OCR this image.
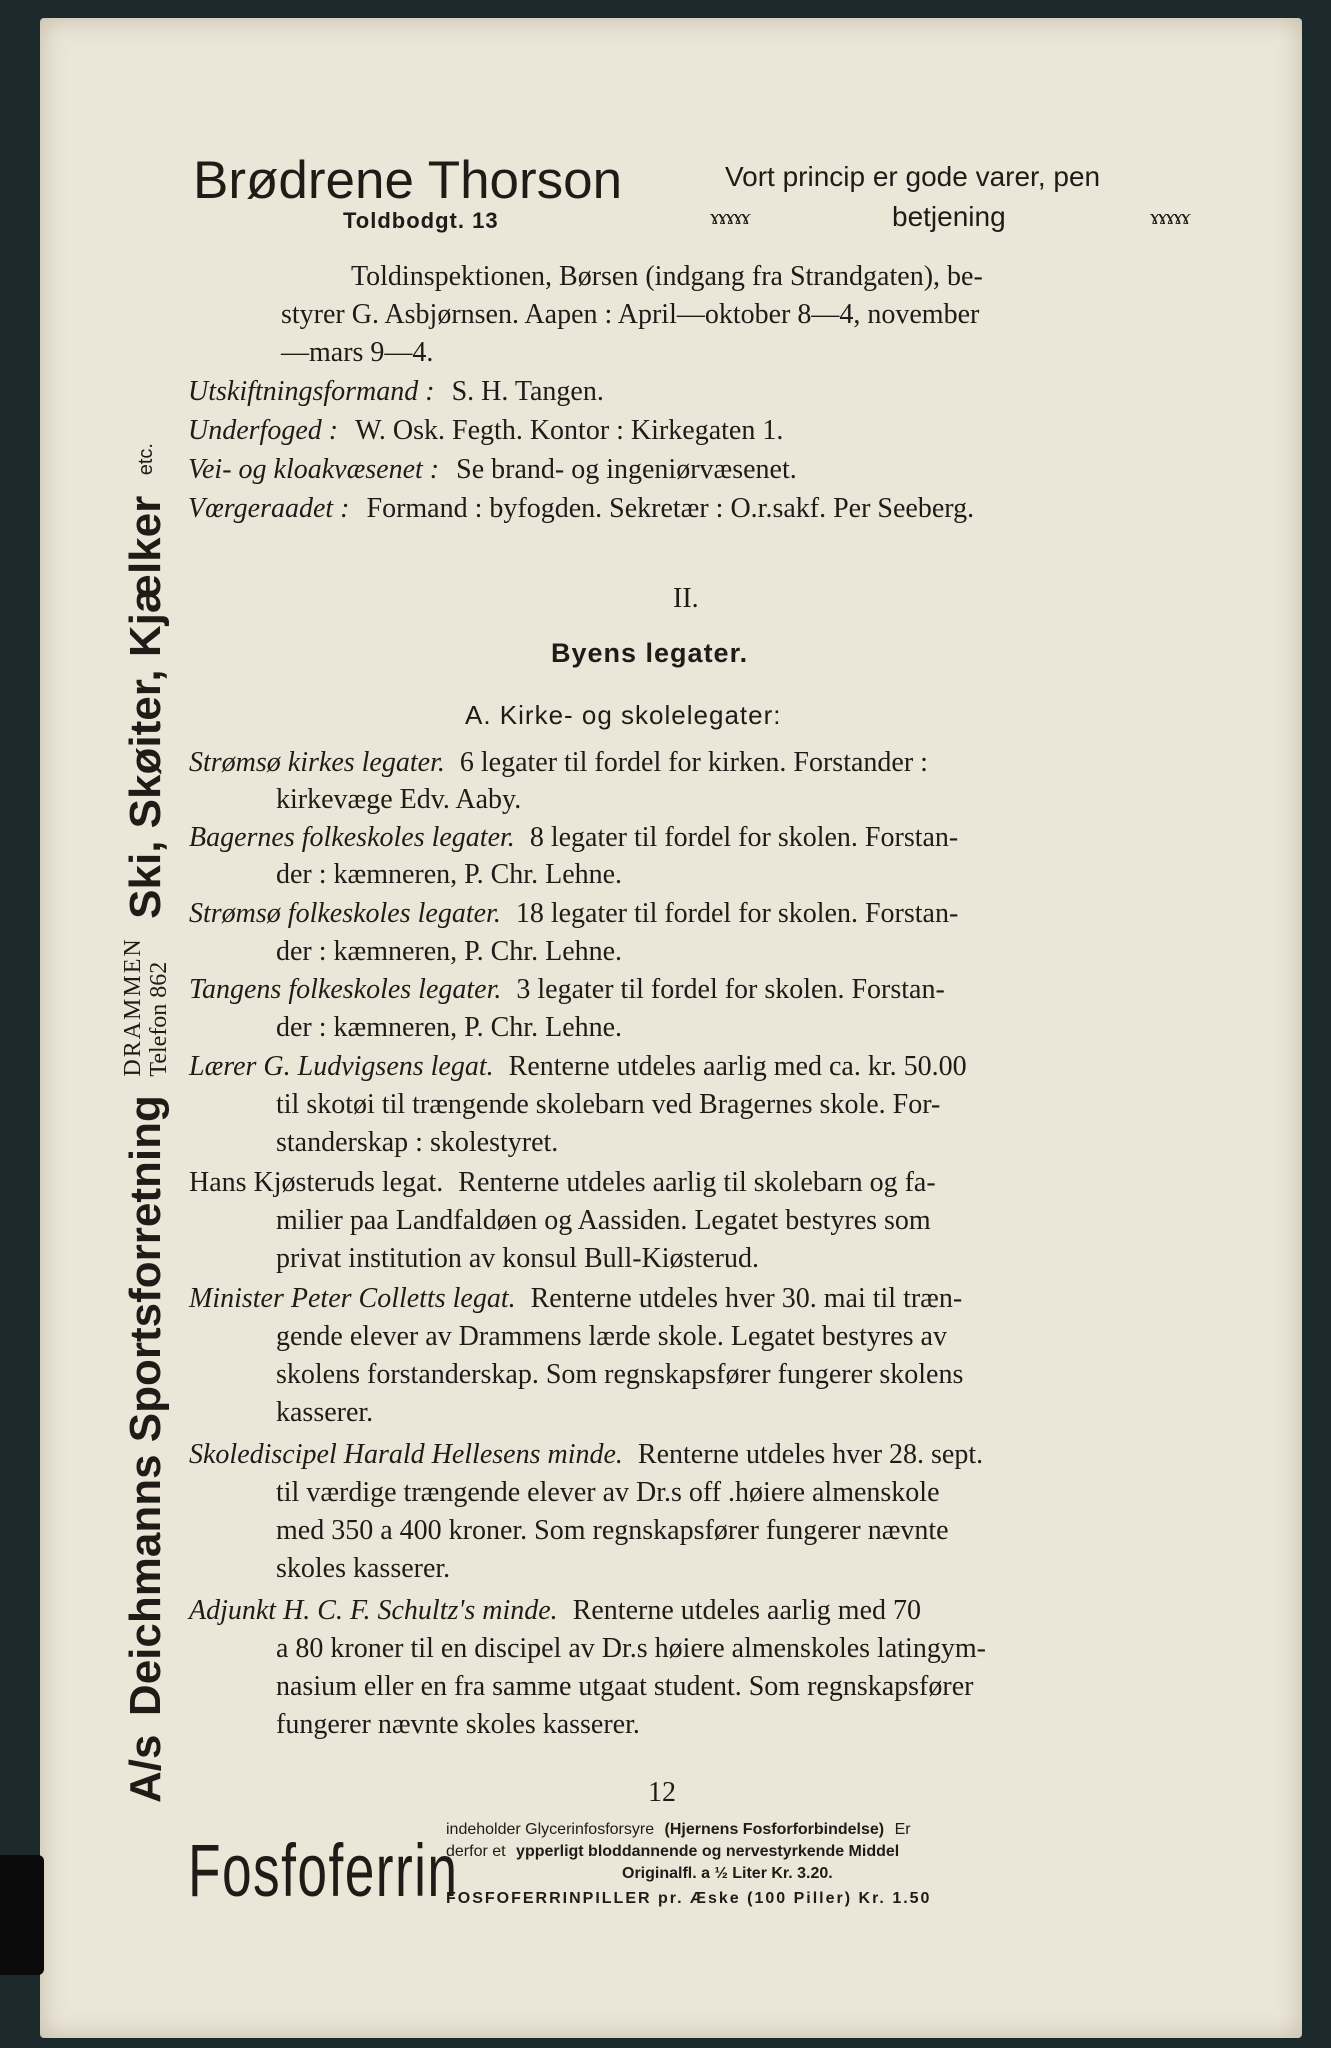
Brødrene Thorson
Toldbodgt. 13
Vort princip er gode varer, pen
ɤɤɤɤɤ	betjening	ɤɤɤɤɤ
A/s Deichmanns Sportsforretning
DRAMMEN Telefon 862
Ski, Skøiter, Kjælker etc.
Toldinspektionen, Børsen (indgang fra Strandgaten), be-
styrer G. Asbjørnsen. Aapen : April—oktober 8—4, november
—mars 9—4.
Utskiftningsformand : S. H. Tangen.
Underfoged : W. Osk. Fegth. Kontor : Kirkegaten 1.
Vei- og kloakvæsenet : Se brand- og ingeniørvæsenet.
Vœrgeraadet : Formand : byfogden. Sekretær : O.r.sakf. Per Seeberg.
II.
Byens legater.
A. Kirke- og skolelegater:
Strømsø kirkes legater. 6 legater til fordel for kirken. Forstander :
kirkevæge Edv. Aaby.
Bagernes folkeskoles legater. 8 legater til fordel for skolen. Forstan-
der : kæmneren, P. Chr. Lehne.
Strømsø folkeskoles legater. 18 legater til fordel for skolen. Forstan-
der : kæmneren, P. Chr. Lehne.
Tangens folkeskoles legater. 3 legater til fordel for skolen. Forstan-
der : kæmneren, P. Chr. Lehne.
Lærer G. Ludvigsens legat. Renterne utdeles aarlig med ca. kr. 50.00
til skotøi til trængende skolebarn ved Bragernes skole. For-
standerskap : skolestyret.
Hans Kjøsteruds legat. Renterne utdeles aarlig til skolebarn og fa-
milier paa Landfaldøen og Aassiden. Legatet bestyres som
privat institution av konsul Bull-Kiøsterud.
Minister Peter Colletts legat. Renterne utdeles hver 30. mai til træn-
gende elever av Drammens lærde skole. Legatet bestyres av
skolens forstanderskap. Som regnskapsfører fungerer skolens
kasserer.
Skolediscipel Harald Hellesens minde. Renterne utdeles hver 28. sept.
til værdige trængende elever av Dr.s off .høiere almenskole
med 350 a 400 kroner. Som regnskapsfører fungerer nævnte
skoles kasserer.
Adjunkt H. C. F. Schultz's minde. Renterne utdeles aarlig med 70
a 80 kroner til en discipel av Dr.s høiere almenskoles latingym-
nasium eller en fra samme utgaat student. Som regnskapsfører
fungerer nævnte skoles kasserer.
12
Fosfoferrin
indeholder Glycerinfosforsyre (Hjernens Fosforforbindelse) Er
derfor et ypperligt bloddannende og nervestyrkende Middel
Originalfl. a ½ Liter Kr. 3.20.
FOSFOFERRINPILLER pr. Æske (100 Piller) Kr. 1.50
